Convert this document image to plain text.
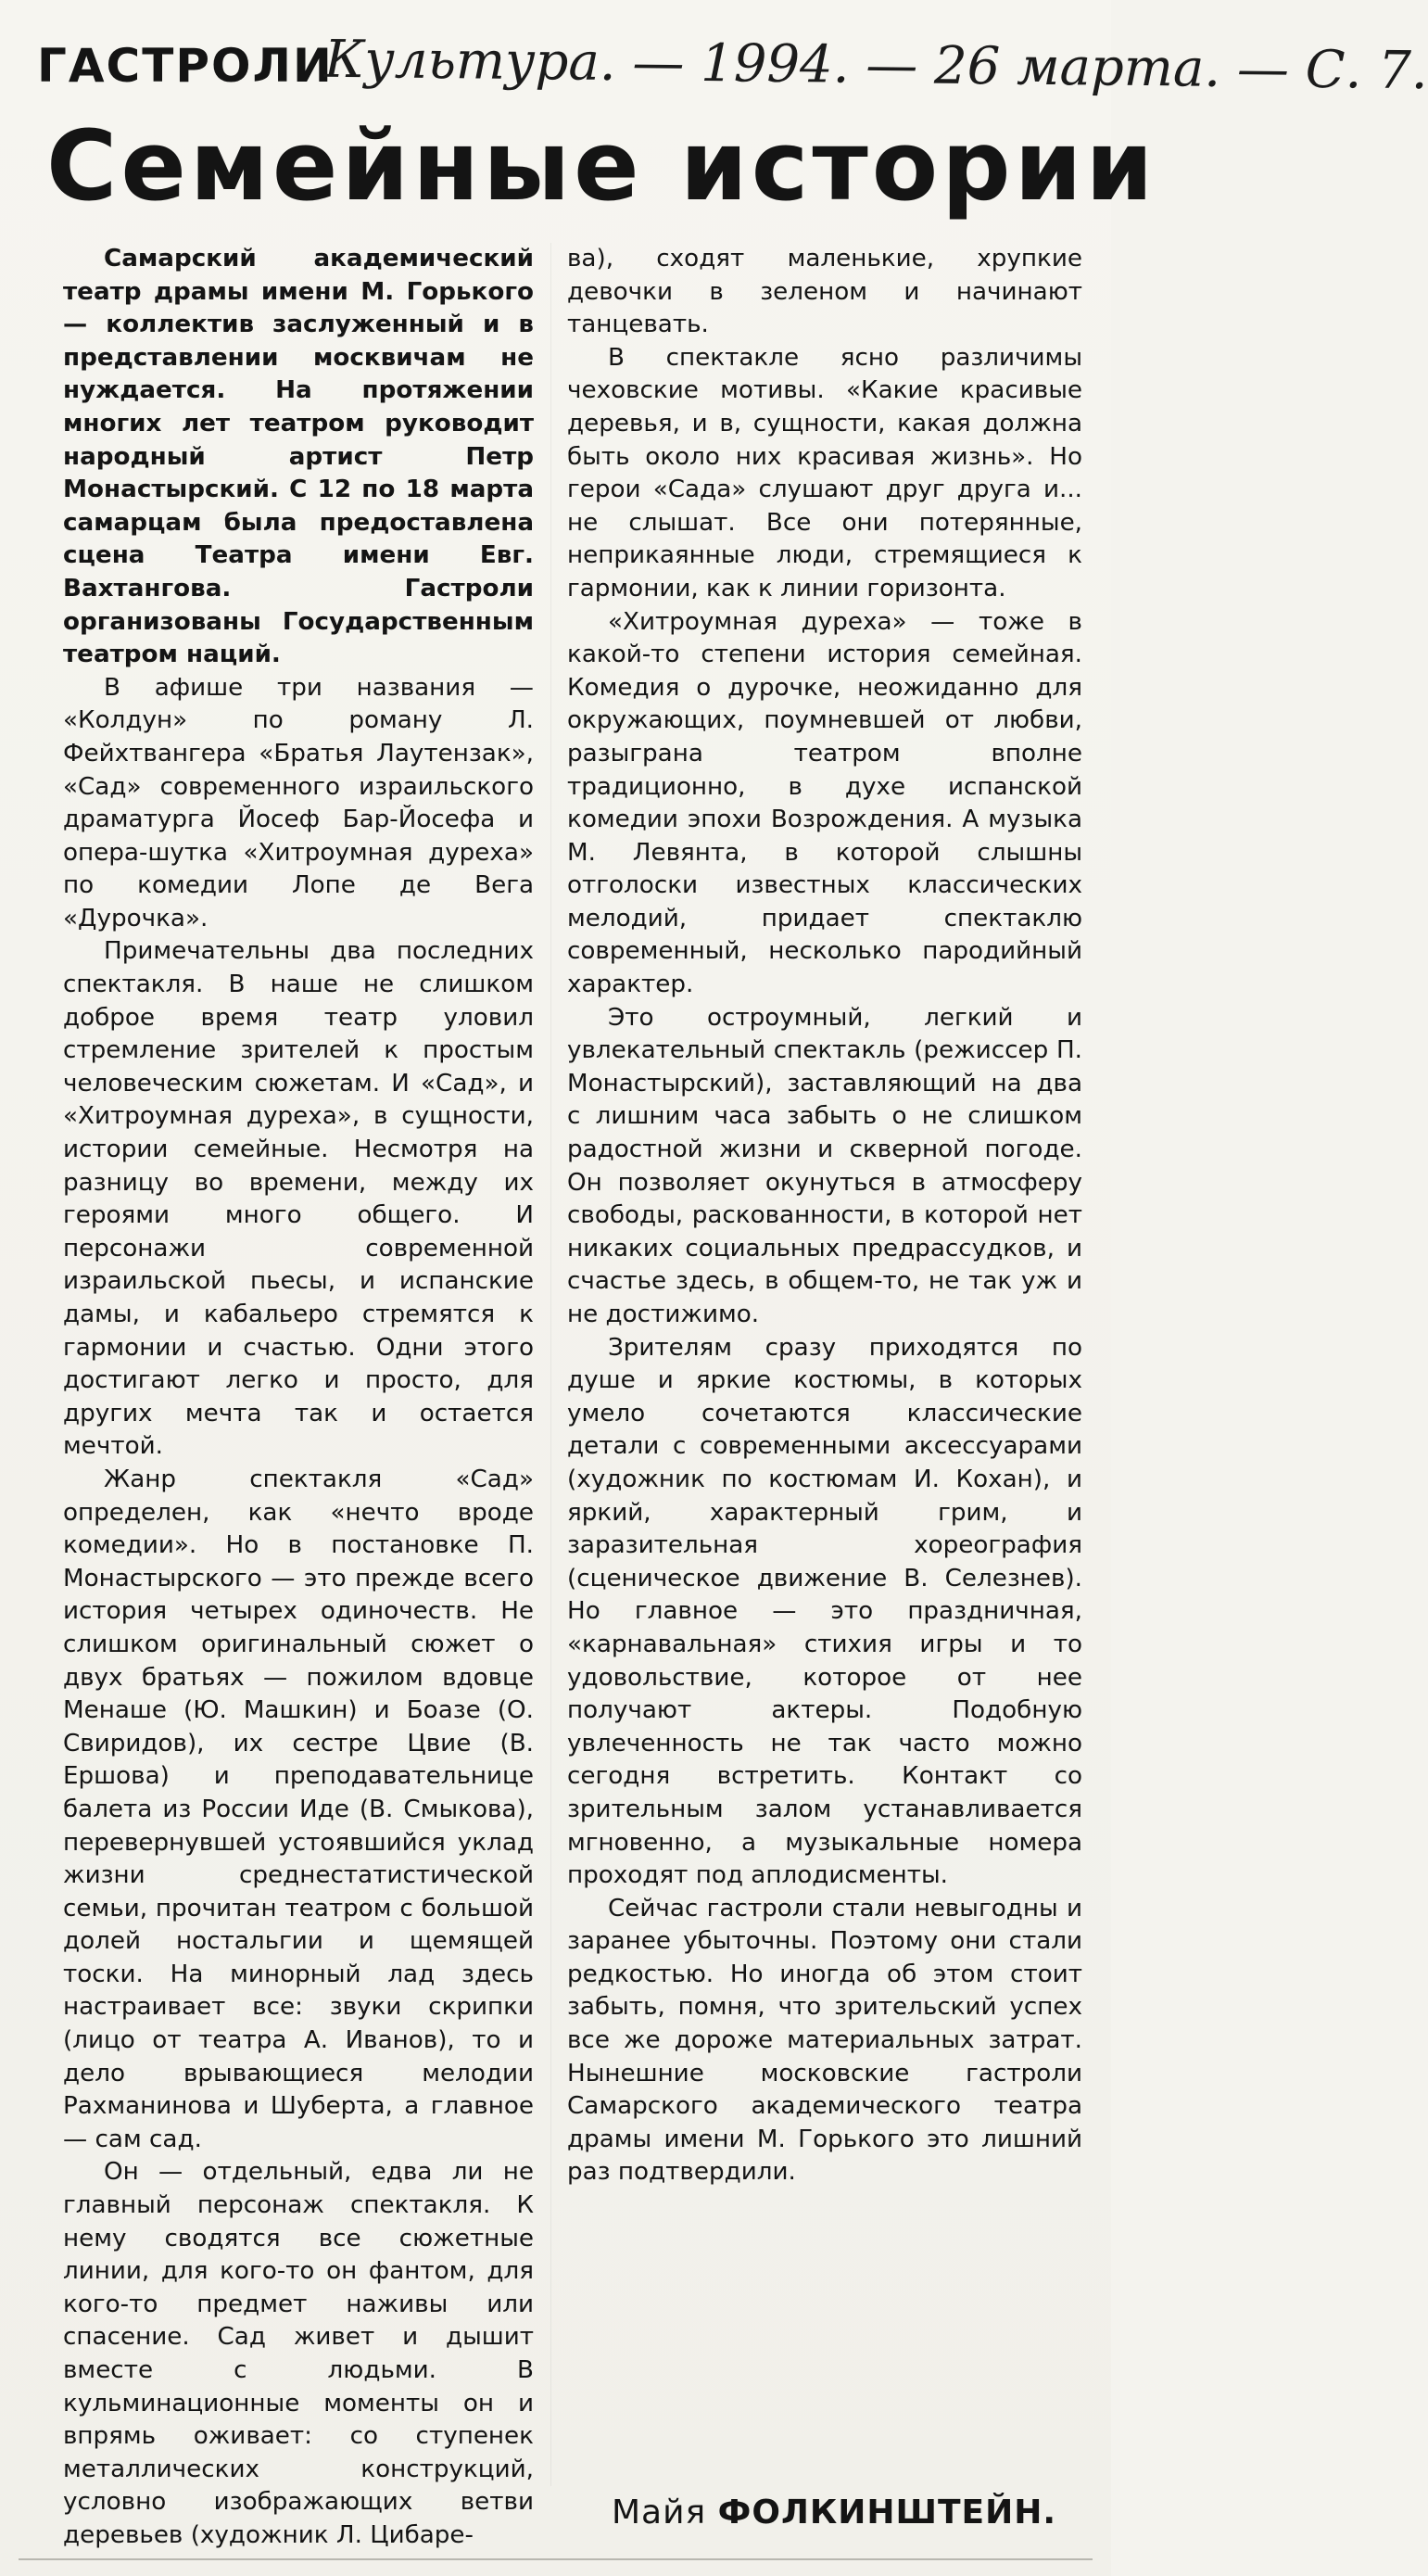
ГАСТРОЛИ
Культура. — 1994. — 26 марта. — С. 7.
Семейные истории

Самарский академический театр драмы имени М. Горького — коллектив заслуженный и в представлении москвичам не нуждается. На протяжении многих лет театром руководит народный артист Петр Монастырский. С 12 по 18 марта самарцам была предоставлена сцена Театра имени Евг. Вахтангова. Гастроли организованы Государственным театром наций.

В афише три названия — «Колдун» по роману Л. Фейхтвангера «Братья Лаутензак», «Сад» современного израильского драматурга Йосеф Бар-Йосефа и опера-шутка «Хитроумная дуреха» по комедии Лопе де Вега «Дурочка».

Примечательны два последних спектакля. В наше не слишком доброе время театр уловил стремление зрителей к простым человеческим сюжетам. И «Сад», и «Хитроумная дуреха», в сущности, истории семейные. Несмотря на разницу во времени, между их героями много общего. И персонажи современной израильской пьесы, и испанские дамы, и кабальеро стремятся к гармонии и счастью. Одни этого достигают легко и просто, для других мечта так и остается мечтой.

Жанр спектакля «Сад» определен, как «нечто вроде комедии». Но в постановке П. Монастырского — это прежде всего история четырех одиночеств. Не слишком оригинальный сюжет о двух братьях — пожилом вдовце Менаше (Ю. Машкин) и Боазе (О. Свиридов), их сестре Цвие (В. Ершова) и преподавательнице балета из России Иде (В. Смыкова), перевернувшей устоявшийся уклад жизни среднестатистической семьи, прочитан театром с большой долей ностальгии и щемящей тоски. На минорный лад здесь настраивает все: звуки скрипки (лицо от театра А. Иванов), то и дело врывающиеся мелодии Рахманинова и Шуберта, а главное — сам сад.

Он — отдельный, едва ли не главный персонаж спектакля. К нему сводятся все сюжетные линии, для кого-то он фантом, для кого-то предмет наживы или спасение. Сад живет и дышит вместе с людьми. В кульминационные моменты он и впрямь оживает: со ступенек металлических конструкций, условно изображающих ветви деревьев (художник Л. Цибаре-

ва), сходят маленькие, хрупкие девочки в зеленом и начинают танцевать.

В спектакле ясно различимы чеховские мотивы. «Какие красивые деревья, и в, сущности, какая должна быть около них красивая жизнь». Но герои «Сада» слушают друг друга и... не слышат. Все они потерянные, неприкаянные люди, стремящиеся к гармонии, как к линии горизонта.

«Хитроумная дуреха» — тоже в какой-то степени история семейная. Комедия о дурочке, неожиданно для окружающих, поумневшей от любви, разыграна театром вполне традиционно, в духе испанской комедии эпохи Возрождения. А музыка М. Левянта, в которой слышны отголоски известных классических мелодий, придает спектаклю современный, несколько пародийный характер.

Это остроумный, легкий и увлекательный спектакль (режиссер П. Монастырский), заставляющий на два с лишним часа забыть о не слишком радостной жизни и скверной погоде. Он позволяет окунуться в атмосферу свободы, раскованности, в которой нет никаких социальных предрассудков, и счастье здесь, в общем-то, не так уж и не достижимо.

Зрителям сразу приходятся по душе и яркие костюмы, в которых умело сочетаются классические детали с современными аксессуарами (художник по костюмам И. Кохан), и яркий, характерный грим, и заразительная хореография (сценическое движение В. Селезнев). Но главное — это праздничная, «карнавальная» стихия игры и то удовольствие, которое от нее получают актеры. Подобную увлеченность не так часто можно сегодня встретить. Контакт со зрительным залом устанавливается мгновенно, а музыкальные номера проходят под аплодисменты.

Сейчас гастроли стали невыгодны и заранее убыточны. Поэтому они стали редкостью. Но иногда об этом стоит забыть, помня, что зрительский успех все же дороже материальных затрат. Нынешние московские гастроли Самарского академического театра драмы имени М. Горького это лишний раз подтвердили.

Майя ФОЛКИНШТЕЙН.
